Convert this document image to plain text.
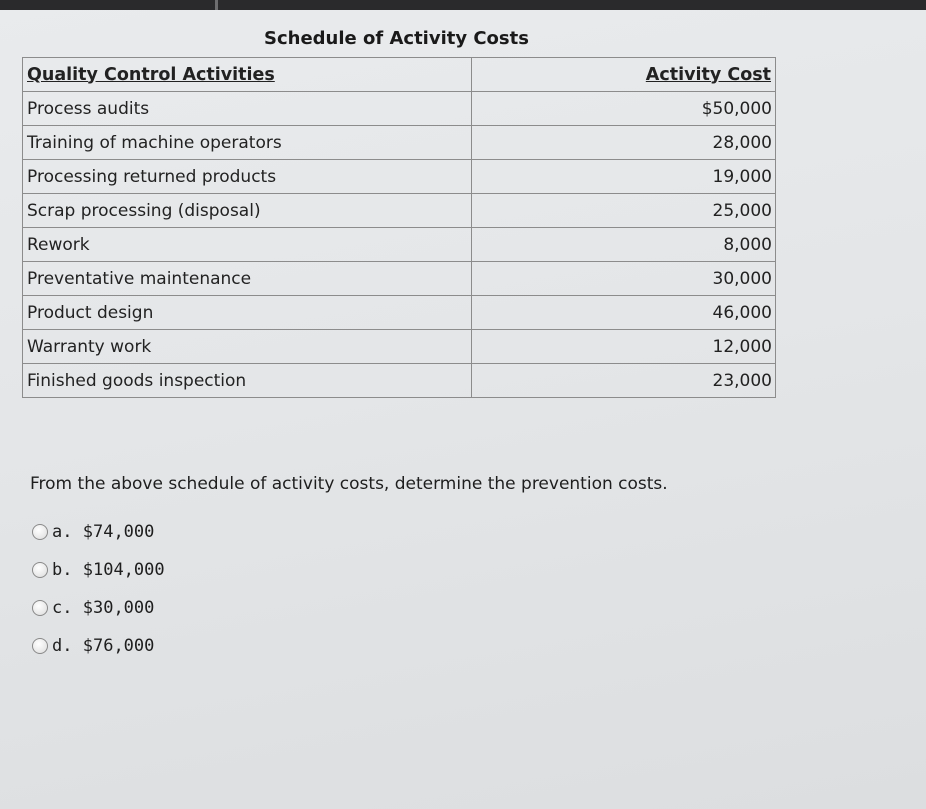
Schedule of Activity Costs
Quality Control Activities	Activity Cost
Process audits	$50,000
Training of machine operators	28,000
Processing returned products	19,000
Scrap processing (disposal)	25,000
Rework	8,000
Preventative maintenance	30,000
Product design	46,000
Warranty work	12,000
Finished goods inspection	23,000
From the above schedule of activity costs, determine the prevention costs.
a. $74,000
b. $104,000
c. $30,000
d. $76,000
